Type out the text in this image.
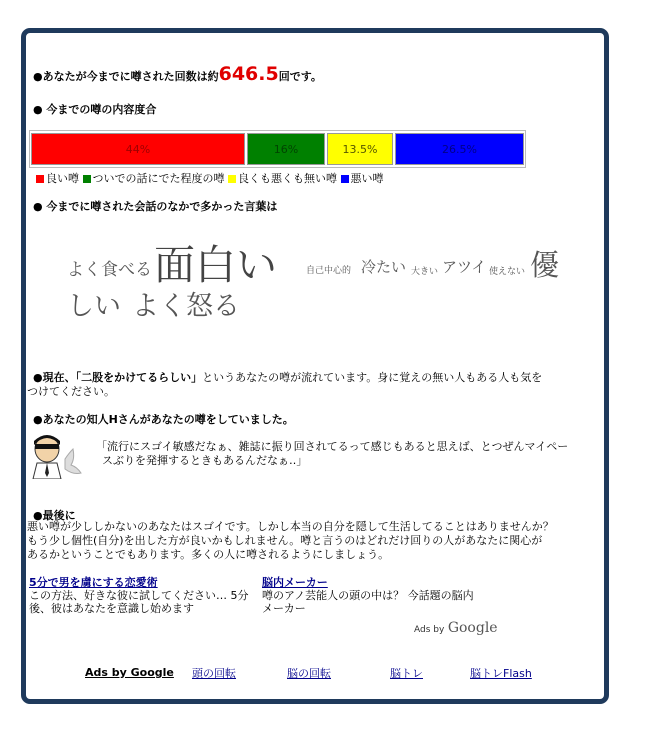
●あなたが今までに噂された回数は約646.5回です。
● 今までの噂の内容度合
44%	16%	13.5%	26.5%
良い噂 ついでの話にでた程度の噂 良くも悪くも無い噂 悪い噂
● 今までに噂された会話のなかで多かった言葉は
よく食べる 面白い	自己中心的 冷たい 大きい アツイ 使えない 優
しい よく怒る
●現在、「二股をかけてるらしい」というあなたの噂が流れています。身に覚えの無い人もある人も気を
つけてください。
●あなたの知人Hさんがあなたの噂をしていました。
「流行にスゴイ敏感だなぁ、雑誌に振り回されてるって感じもあると思えば、とつぜんマイペー
スぶりを発揮するときもあるんだなぁ‥」
●最後に
悪い噂が少ししかないのあなたはスゴイです。しかし本当の自分を隠して生活してることはありませんか？
もう少し個性(自分)を出した方が良いかもしれません。噂と言うのはどれだけ回りの人があなたに関心が
あるかということでもあります。多くの人に噂されるようにしましょう。
5分で男を虜にする恋愛術
この方法、好きな彼に試してください… 5分
後、彼はあなたを意識し始めます
脳内メーカー
噂のアノ芸能人の頭の中は？ 今話題の脳内
メーカー
Ads by Google
Ads by Google 頭の回転	脳の回転	脳トレ	脳トレFlash
